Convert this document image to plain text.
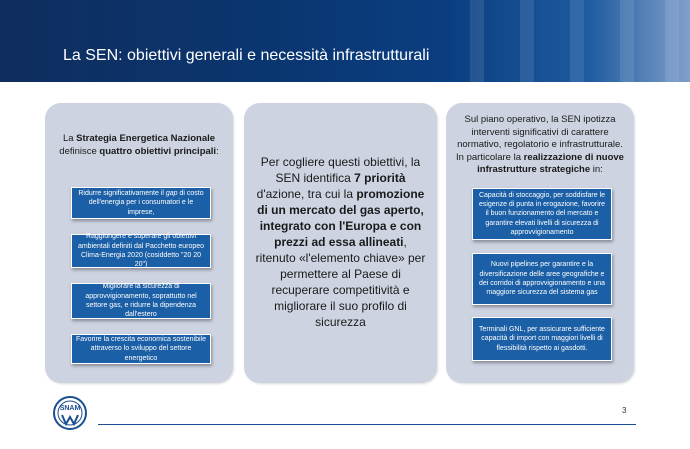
La SEN: obiettivi generali e necessità infrastrutturali
La Strategia Energetica Nazionale definisce quattro obiettivi principali:
Ridurre significativamente il gap di costo dell'energia per i consumatori e le imprese,
Raggiungere e superare gli obiettivi ambientali definiti dal Pacchetto europeo Clima-Energia 2020 (cosiddetto "20 20 20")
Migliorare la sicurezza di approvvigionamento, soprattutto nel settore gas, e ridurre la dipendenza dall'estero
Favorire la crescita economica sostenibile attraverso lo sviluppo del settore energetico
Per cogliere questi obiettivi, la SEN identifica 7 priorità d'azione, tra cui la promozione di un mercato del gas aperto, integrato con l'Europa e con prezzi ad essa allineati, ritenuto «l'elemento chiave» per permettere al Paese di recuperare competitività e migliorare il suo profilo di sicurezza
Sul piano operativo, la SEN ipotizza interventi significativi di carattere normativo, regolatorio e infrastrutturale. In particolare la realizzazione di nuove infrastrutture strategiche in:
Capacità di stoccaggio, per soddisfare le esigenze di punta in erogazione, favorire il buon funzionamento del mercato e garantire elevati livelli di sicurezza di approvvigionamento
Nuovi pipelines per garantire e la diversificazione delle aree geografiche e dei corridoi di approvvigionamento e una maggiore sicurezza del sistema gas
Terminali GNL, per assicurare sufficiente capacità di import con maggiori livelli di flessibilità rispetto ai gasdotti.
SNAM	3
